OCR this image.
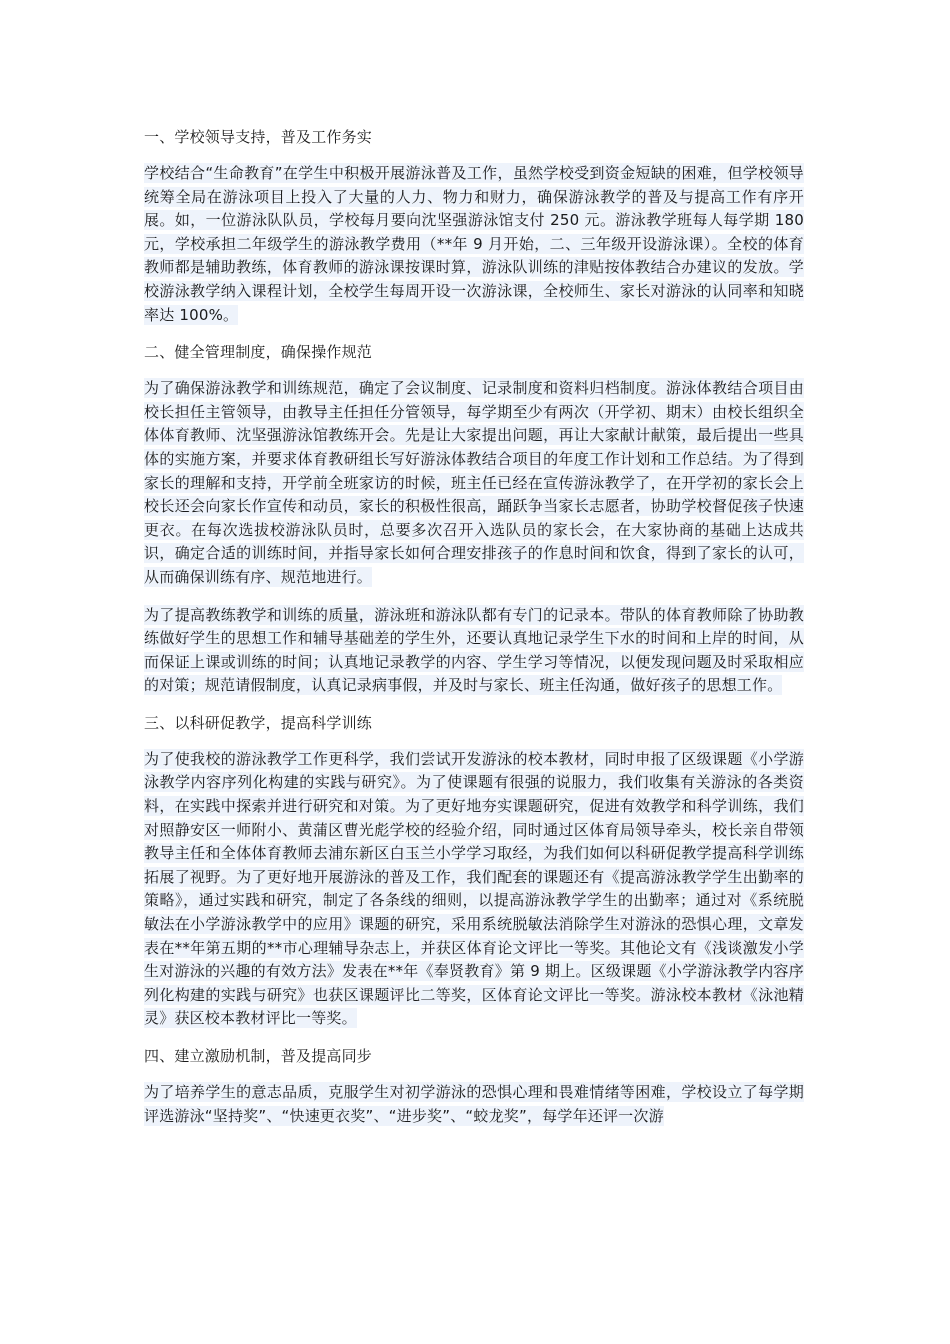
一、学校领导支持，普及工作务实

学校结合“生命教育”在学生中积极开展游泳普及工作，虽然学校受到资金短缺的困难，但学校领导统筹全局在游泳项目上投入了大量的人力、物力和财力，确保游泳教学的普及与提高工作有序开展。如，一位游泳队队员，学校每月要向沈坚强游泳馆支付 250 元。游泳教学班每人每学期 180 元，学校承担二年级学生的游泳教学费用（**年 9 月开始，二、三年级开设游泳课）。全校的体育教师都是辅助教练，体育教师的游泳课按课时算，游泳队训练的津贴按体教结合办建议的发放。学校游泳教学纳入课程计划，全校学生每周开设一次游泳课，全校师生、家长对游泳的认同率和知晓率达 100%。

二、健全管理制度，确保操作规范

为了确保游泳教学和训练规范，确定了会议制度、记录制度和资料归档制度。游泳体教结合项目由校长担任主管领导，由教导主任担任分管领导，每学期至少有两次（开学初、期末）由校长组织全体体育教师、沈坚强游泳馆教练开会。先是让大家提出问题，再让大家献计献策，最后提出一些具体的实施方案，并要求体育教研组长写好游泳体教结合项目的年度工作计划和工作总结。为了得到家长的理解和支持，开学前全班家访的时候，班主任已经在宣传游泳教学了，在开学初的家长会上校长还会向家长作宣传和动员，家长的积极性很高，踊跃争当家长志愿者，协助学校督促孩子快速更衣。在每次选拔校游泳队员时，总要多次召开入选队员的家长会，在大家协商的基础上达成共识，确定合适的训练时间，并指导家长如何合理安排孩子的作息时间和饮食，得到了家长的认可，从而确保训练有序、规范地进行。

为了提高教练教学和训练的质量，游泳班和游泳队都有专门的记录本。带队的体育教师除了协助教练做好学生的思想工作和辅导基础差的学生外，还要认真地记录学生下水的时间和上岸的时间，从而保证上课或训练的时间；认真地记录教学的内容、学生学习等情况，以便发现问题及时采取相应的对策；规范请假制度，认真记录病事假，并及时与家长、班主任沟通，做好孩子的思想工作。

三、以科研促教学，提高科学训练

为了使我校的游泳教学工作更科学，我们尝试开发游泳的校本教材，同时申报了区级课题《小学游泳教学内容序列化构建的实践与研究》。为了使课题有很强的说服力，我们收集有关游泳的各类资料，在实践中探索并进行研究和对策。为了更好地夯实课题研究，促进有效教学和科学训练，我们对照静安区一师附小、黄蒲区曹光彪学校的经验介绍，同时通过区体育局领导牵头，校长亲自带领教导主任和全体体育教师去浦东新区白玉兰小学学习取经，为我们如何以科研促教学提高科学训练拓展了视野。为了更好地开展游泳的普及工作，我们配套的课题还有《提高游泳教学学生出勤率的策略》，通过实践和研究，制定了各条线的细则，以提高游泳教学学生的出勤率；通过对《系统脱敏法在小学游泳教学中的应用》课题的研究，采用系统脱敏法消除学生对游泳的恐惧心理，文章发表在**年第五期的**市心理辅导杂志上，并获区体育论文评比一等奖。其他论文有《浅谈激发小学生对游泳的兴趣的有效方法》发表在**年《奉贤教育》第 9 期上。区级课题《小学游泳教学内容序列化构建的实践与研究》也获区课题评比二等奖，区体育论文评比一等奖。游泳校本教材《泳池精灵》获区校本教材评比一等奖。

四、建立激励机制，普及提高同步

为了培养学生的意志品质，克服学生对初学游泳的恐惧心理和畏难情绪等困难，学校设立了每学期评选游泳“坚持奖”、“快速更衣奖”、“进步奖”、“蛟龙奖”，每学年还评一次游
